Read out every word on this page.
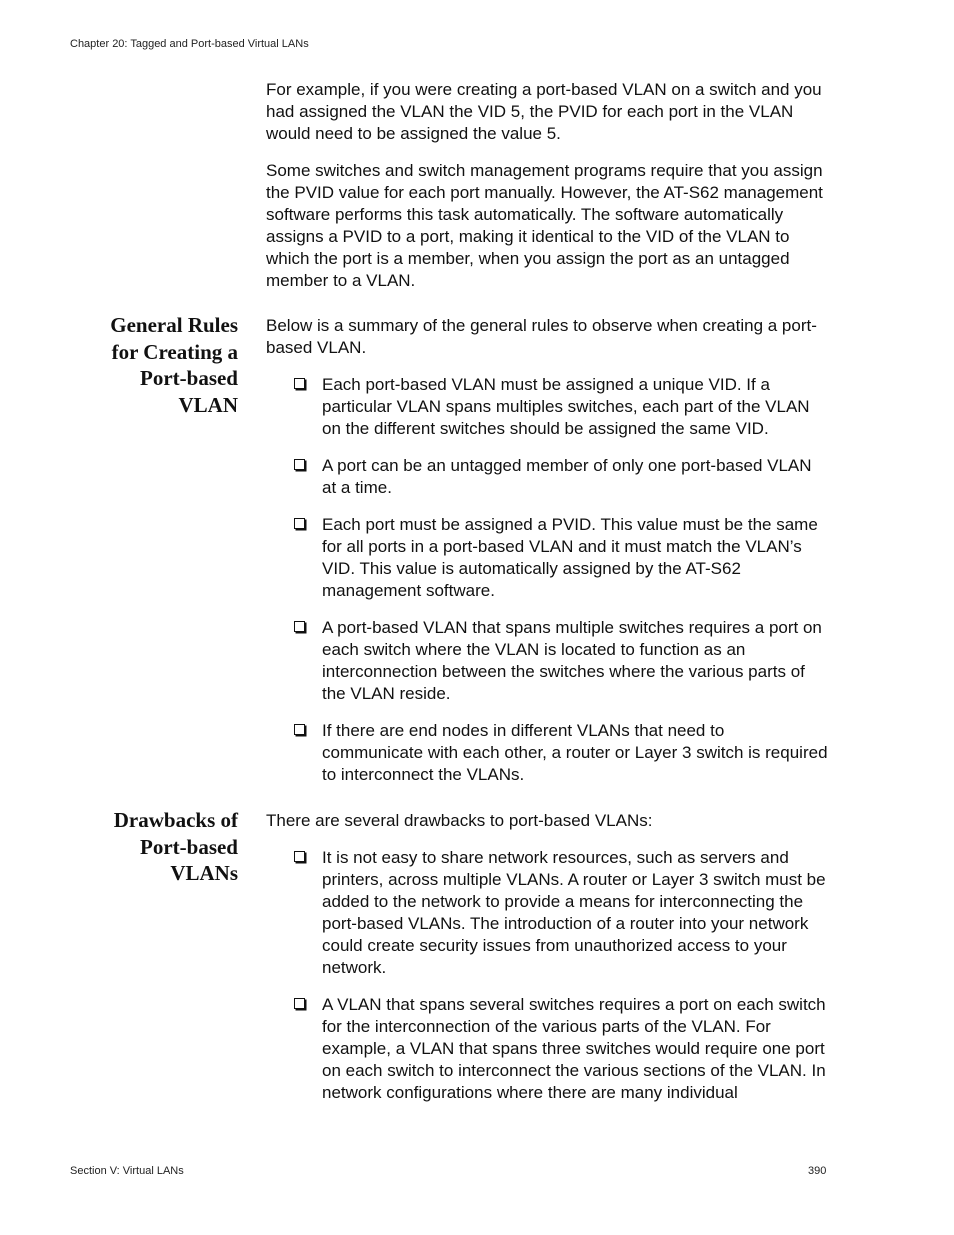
Chapter 20: Tagged and Port-based Virtual LANs

For example, if you were creating a port-based VLAN on a switch and you had assigned the VLAN the VID 5, the PVID for each port in the VLAN would need to be assigned the value 5.

Some switches and switch management programs require that you assign the PVID value for each port manually. However, the AT-S62 management software performs this task automatically. The software automatically assigns a PVID to a port, making it identical to the VID of the VLAN to which the port is a member, when you assign the port as an untagged member to a VLAN.

General Rules for Creating a Port-based VLAN

Below is a summary of the general rules to observe when creating a port-based VLAN.

Each port-based VLAN must be assigned a unique VID. If a particular VLAN spans multiples switches, each part of the VLAN on the different switches should be assigned the same VID.
A port can be an untagged member of only one port-based VLAN at a time.
Each port must be assigned a PVID. This value must be the same for all ports in a port-based VLAN and it must match the VLAN’s VID. This value is automatically assigned by the AT-S62 management software.
A port-based VLAN that spans multiple switches requires a port on each switch where the VLAN is located to function as an interconnection between the switches where the various parts of the VLAN reside.
If there are end nodes in different VLANs that need to communicate with each other, a router or Layer 3 switch is required to interconnect the VLANs.
Drawbacks of Port-based VLANs

There are several drawbacks to port-based VLANs:

It is not easy to share network resources, such as servers and printers, across multiple VLANs. A router or Layer 3 switch must be added to the network to provide a means for interconnecting the port-based VLANs. The introduction of a router into your network could create security issues from unauthorized access to your network.
A VLAN that spans several switches requires a port on each switch for the interconnection of the various parts of the VLAN. For example, a VLAN that spans three switches would require one port on each switch to interconnect the various sections of the VLAN. In network configurations where there are many individual
Section V: Virtual LANs	390
